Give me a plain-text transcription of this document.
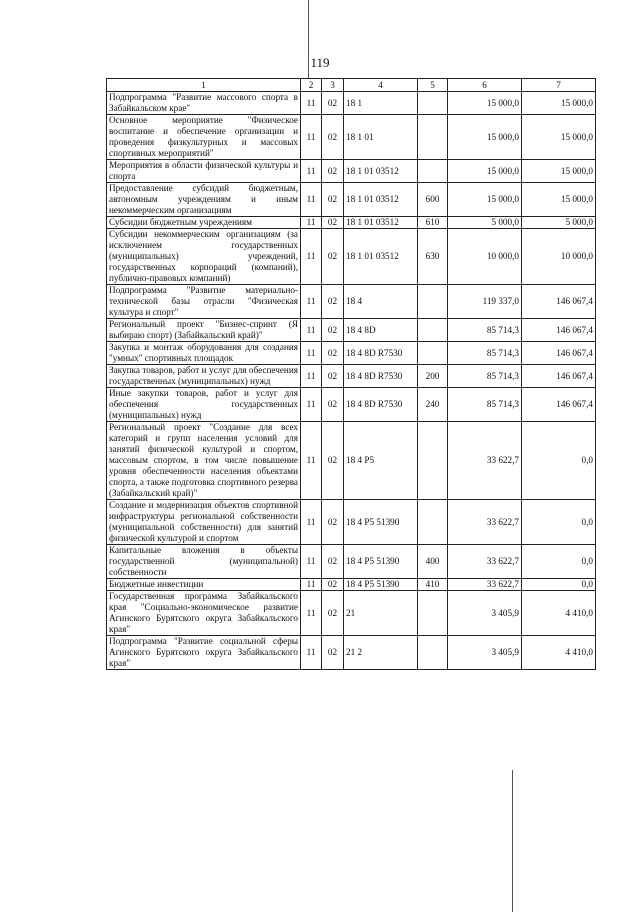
119
1	2	3	4	5	6	7
Подпрограмма "Развитие массового спорта в Забайкальском крае"	11	02	18 1		15 000,0	15 000,0
Основное мероприятие "Физическое воспитание и обеспечение организации и проведения физкультурных и массовых спортивных мероприятий"	11	02	18 1 01		15 000,0	15 000,0
Мероприятия в области физической культуры и спорта	11	02	18 1 01 03512		15 000,0	15 000,0
Предоставление субсидий бюджетным, автономным учреждениям и иным некоммерческим организациям	11	02	18 1 01 03512	600	15 000,0	15 000,0
Субсидии бюджетным учреждениям	11	02	18 1 01 03512	610	5 000,0	5 000,0
Субсидии некоммерческим организациям (за исключением государственных (муниципальных) учреждений, государственных корпораций (компаний), публично-правовых компаний)	11	02	18 1 01 03512	630	10 000,0	10 000,0
Подпрограмма "Развитие материально-технической базы отрасли "Физическая культура и спорт"	11	02	18 4		119 337,0	146 067,4
Региональный проект "Бизнес-спринт (Я выбираю спорт) (Забайкальский край)"	11	02	18 4 8D		85 714,3	146 067,4
Закупка и монтаж оборудования для создания "умных" спортивных площадок	11	02	18 4 8D R7530		85 714,3	146 067,4
Закупка товаров, работ и услуг для обеспечения государственных (муниципальных) нужд	11	02	18 4 8D R7530	200	85 714,3	146 067,4
Иные закупки товаров, работ и услуг для обеспечения государственных (муниципальных) нужд	11	02	18 4 8D R7530	240	85 714,3	146 067,4
Региональный проект "Создание для всех категорий и групп населения условий для занятий физической культурой и спортом, массовым спортом, в том числе повышение уровня обеспеченности населения объектами спорта, а также подготовка спортивного резерва (Забайкальский край)"	11	02	18 4 P5		33 622,7	0,0
Создание и модернизация объектов спортивной инфраструктуры региональной собственности (муниципальной собственности) для занятий физической культурой и спортом	11	02	18 4 P5 51390		33 622,7	0,0
Капитальные вложения в объекты государственной (муниципальной) собственности	11	02	18 4 P5 51390	400	33 622,7	0,0
Бюджетные инвестиции	11	02	18 4 P5 51390	410	33 622,7	0,0
Государственная программа Забайкальского края "Социально-экономическое развитие Агинского Бурятского округа Забайкальского края"	11	02	21		3 405,9	4 410,0
Подпрограмма "Развитие социальной сферы Агинского Бурятского округа Забайкальского края"	11	02	21 2		3 405,9	4 410,0
